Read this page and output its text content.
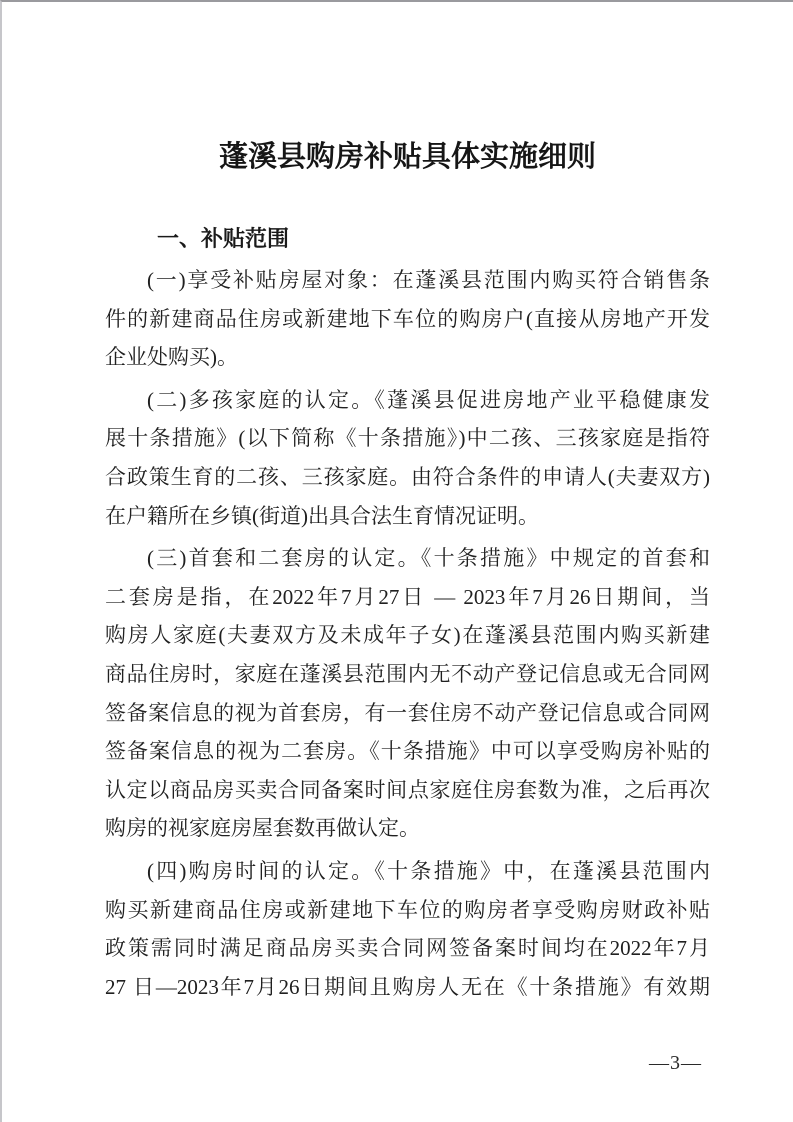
蓬溪县购房补贴具体实施细则
一、补贴范围
(一)享受补贴房屋对象：在蓬溪县范围内购买符合销售条
件的新建商品住房或新建地下车位的购房户(直接从房地产开发
企业处购买)。
(二)多孩家庭的认定。《蓬溪县促进房地产业平稳健康发
展十条措施》(以下简称《十条措施》)中二孩、三孩家庭是指符
合政策生育的二孩、三孩家庭。由符合条件的申请人(夫妻双方)
在户籍所在乡镇(街道)出具合法生育情况证明。
(三)首套和二套房的认定。《十条措施》中规定的首套和
二套房是指，在2022年7月27日 — 2023年7月26日期间，当
购房人家庭(夫妻双方及未成年子女)在蓬溪县范围内购买新建
商品住房时，家庭在蓬溪县范围内无不动产登记信息或无合同网
签备案信息的视为首套房，有一套住房不动产登记信息或合同网
签备案信息的视为二套房。《十条措施》中可以享受购房补贴的
认定以商品房买卖合同备案时间点家庭住房套数为准，之后再次
购房的视家庭房屋套数再做认定。
(四)购房时间的认定。《十条措施》中，在蓬溪县范围内
购买新建商品住房或新建地下车位的购房者享受购房财政补贴
政策需同时满足商品房买卖合同网签备案时间均在2022年7月
27 日—2023年7月26日期间且购房人无在《十条措施》有效期
—3—
